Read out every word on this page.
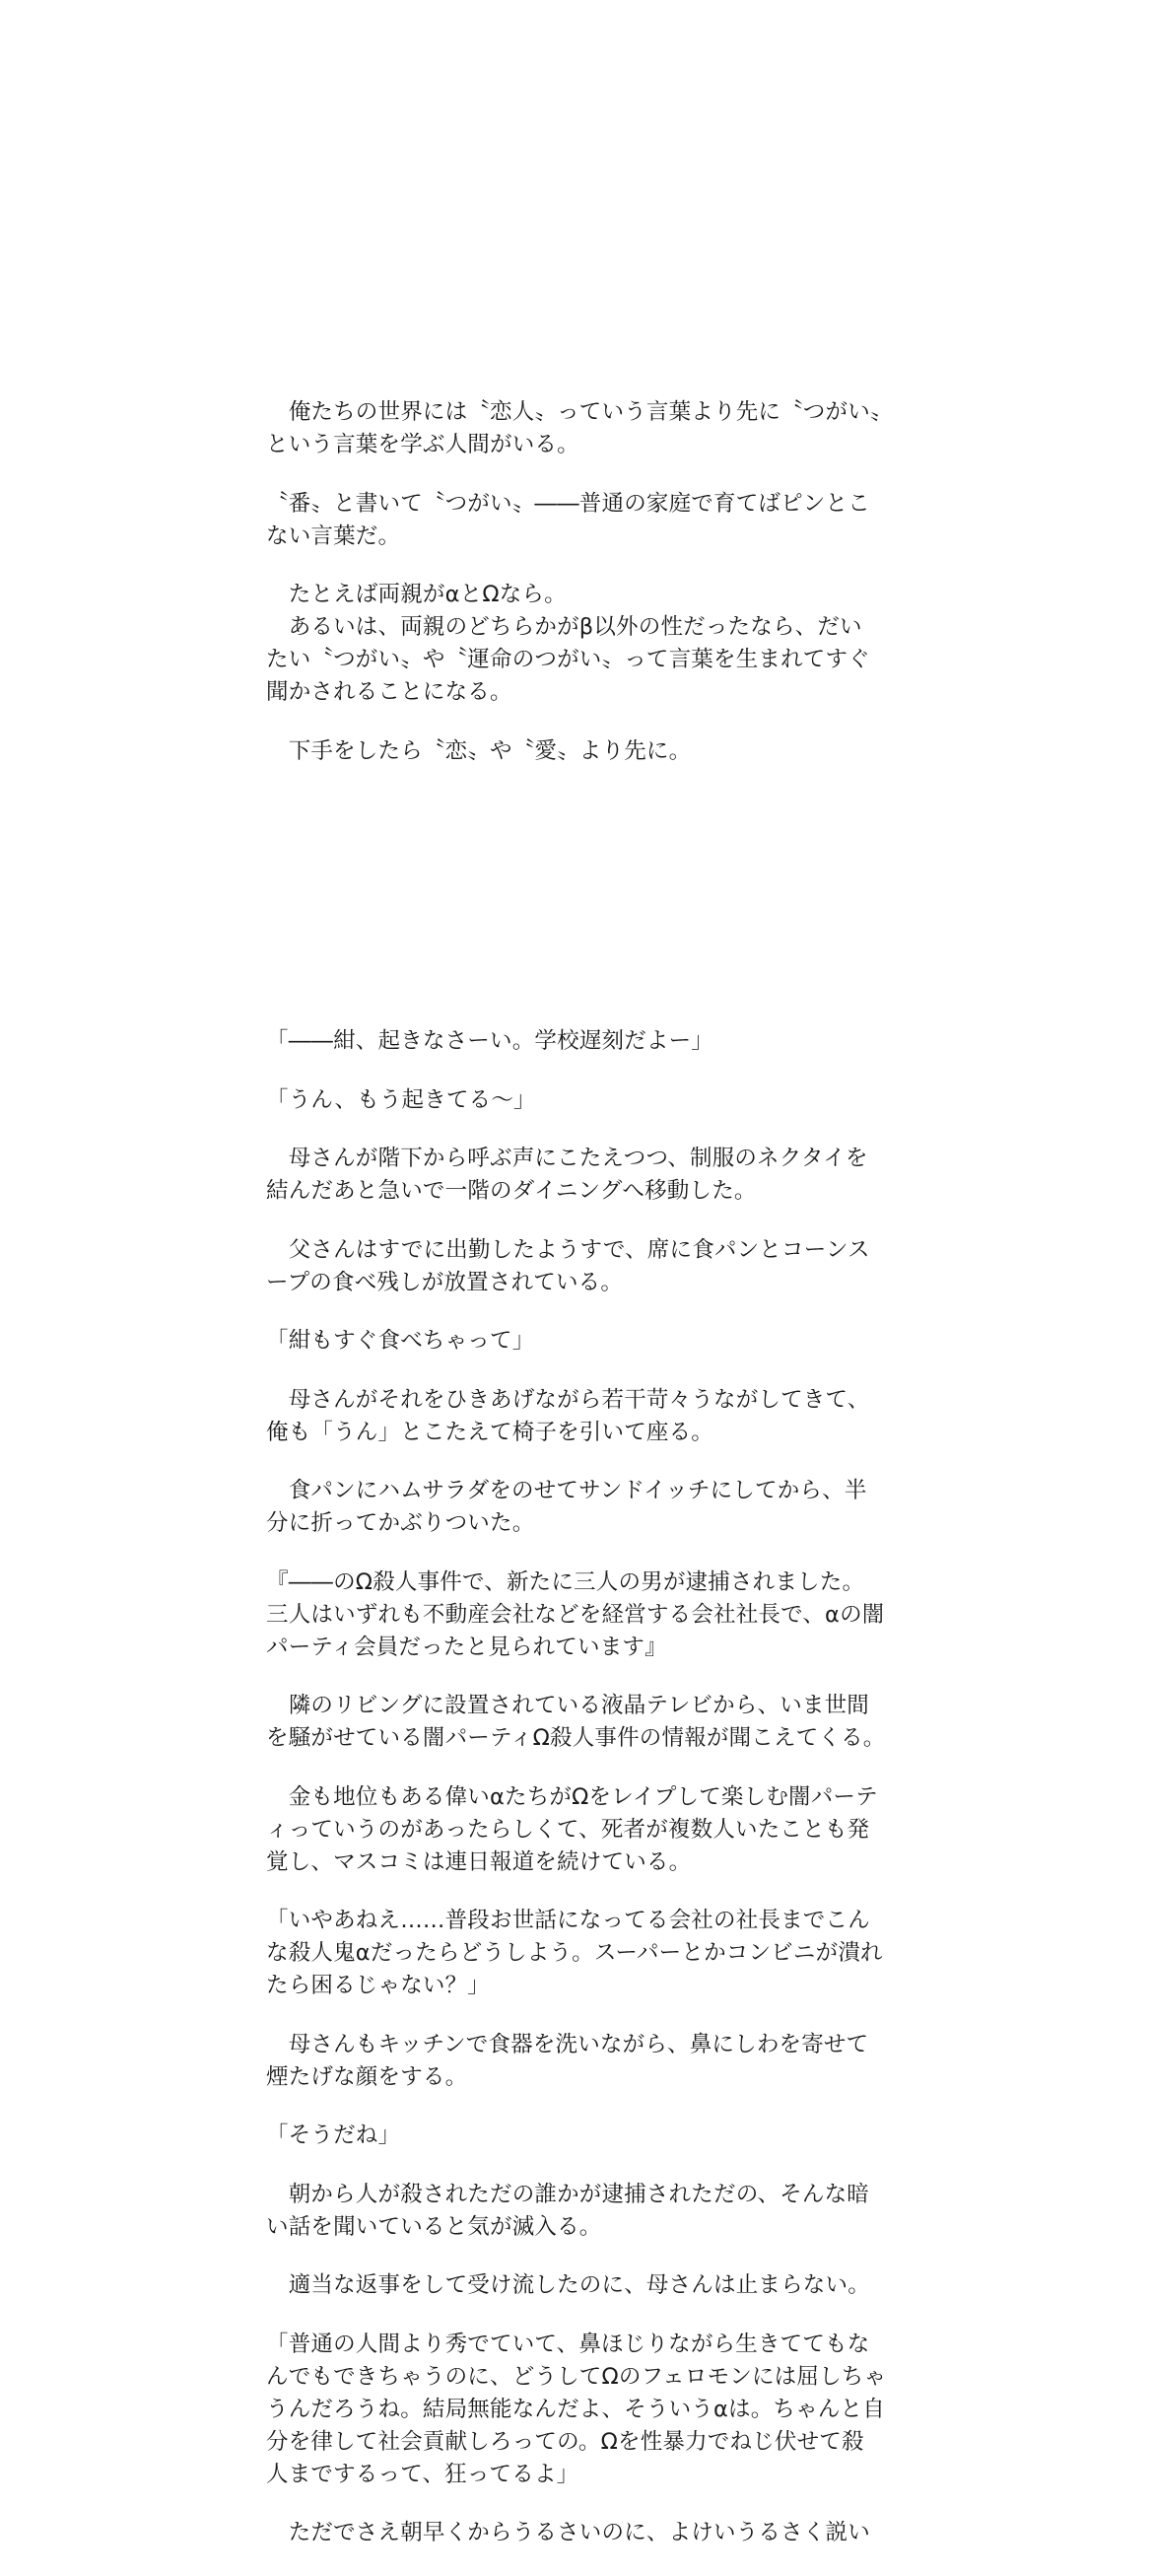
　俺たちの世界には〝恋人〟っていう言葉より先に〝つがい〟
という言葉を学ぶ人間がいる。

〝番〟と書いて〝つがい〟――普通の家庭で育てばピンとこ
ない言葉だ。

　たとえば両親がαとΩなら。
　あるいは、両親のどちらかがβ以外の性だったなら、だい
たい〝つがい〟や〝運命のつがい〟って言葉を生まれてすぐ
聞かされることになる。

　下手をしたら〝恋〟や〝愛〟より先に。

「――紺、起きなさーい。学校遅刻だよー」

「うん、もう起きてる～」

　母さんが階下から呼ぶ声にこたえつつ、制服のネクタイを
結んだあと急いで一階のダイニングへ移動した。

　父さんはすでに出勤したようすで、席に食パンとコーンス
ープの食べ残しが放置されている。

「紺もすぐ食べちゃって」

　母さんがそれをひきあげながら若干苛々うながしてきて、
俺も「うん」とこたえて椅子を引いて座る。

　食パンにハムサラダをのせてサンドイッチにしてから、半
分に折ってかぶりついた。

『――のΩ殺人事件で、新たに三人の男が逮捕されました。
三人はいずれも不動産会社などを経営する会社社長で、αの闇
パーティ会員だったと見られています』

　隣のリビングに設置されている液晶テレビから、いま世間
を騒がせている闇パーティΩ殺人事件の情報が聞こえてくる。

　金も地位もある偉いαたちがΩをレイプして楽しむ闇パーテ
ィっていうのがあったらしくて、死者が複数人いたことも発
覚し、マスコミは連日報道を続けている。

「いやあねえ……普段お世話になってる会社の社長までこん
な殺人鬼αだったらどうしよう。スーパーとかコンビニが潰れ
たら困るじゃない？」

　母さんもキッチンで食器を洗いながら、鼻にしわを寄せて
煙たげな顔をする。

「そうだね」

　朝から人が殺されただの誰かが逮捕されただの、そんな暗
い話を聞いていると気が滅入る。

　適当な返事をして受け流したのに、母さんは止まらない。

「普通の人間より秀でていて、鼻ほじりながら生きててもな
んでもできちゃうのに、どうしてΩのフェロモンには屈しちゃ
うんだろうね。結局無能なんだよ、そういうαは。ちゃんと自
分を律して社会貢献しろっての。Ωを性暴力でねじ伏せて殺
人までするって、狂ってるよ」

　ただでさえ朝早くからうるさいのに、よけいうるさく説い
